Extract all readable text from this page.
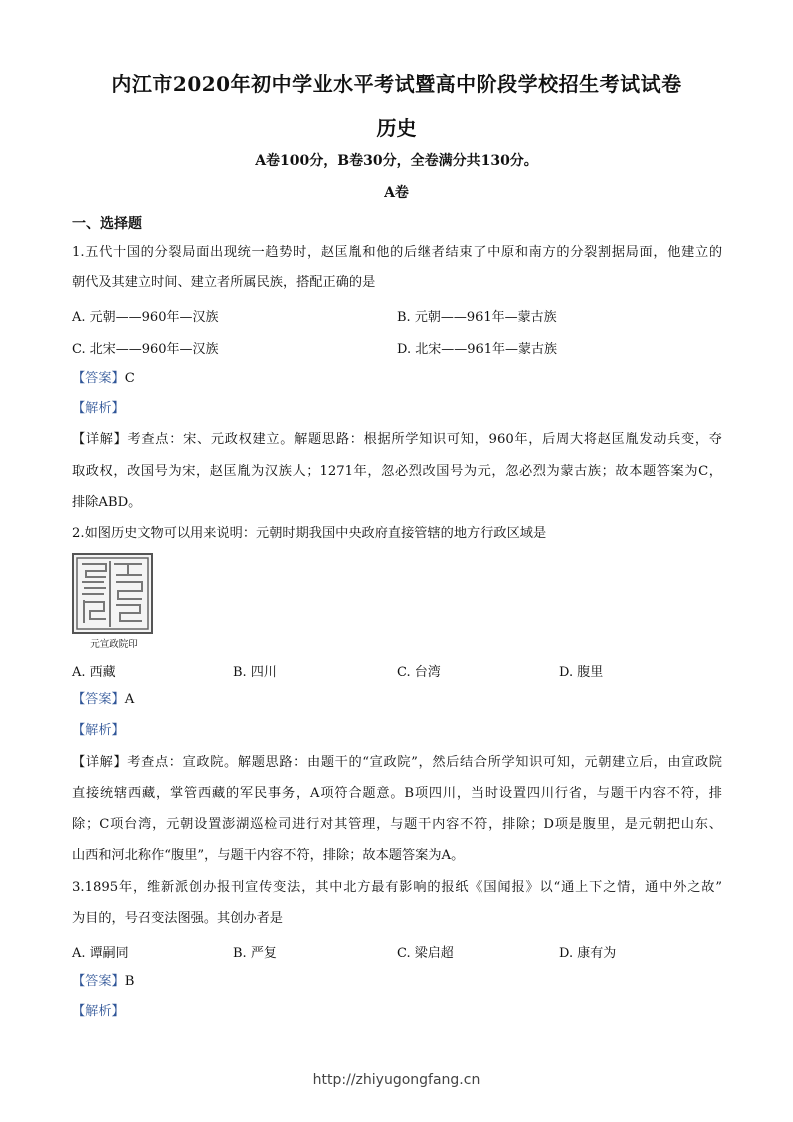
内江市2020年初中学业水平考试暨高中阶段学校招生考试试卷
历史
A卷100分，B卷30分，全卷满分共130分。
A卷
一、选择题
1.五代十国的分裂局面出现统一趋势时，赵匡胤和他的后继者结束了中原和南方的分裂割据局面，他建立的
朝代及其建立时间、建立者所属民族，搭配正确的是
A. 元朝——960年—汉族	B. 元朝——961年—蒙古族
C. 北宋——960年—汉族	D. 北宋——961年—蒙古族
【答案】C
【解析】
【详解】考查点：宋、元政权建立。解题思路：根据所学知识可知，960年，后周大将赵匡胤发动兵变，夺
取政权，改国号为宋，赵匡胤为汉族人；1271年，忽必烈改国号为元，忽必烈为蒙古族；故本题答案为C，
排除ABD。
2.如图历史文物可以用来说明：元朝时期我国中央政府直接管辖的地方行政区域是
元宣政院印
A. 西藏	B. 四川	C. 台湾	D. 腹里
【答案】A
【解析】
【详解】考查点：宣政院。解题思路：由题干的“宣政院”，然后结合所学知识可知，元朝建立后，由宣政院
直接统辖西藏，掌管西藏的军民事务，A项符合题意。B项四川，当时设置四川行省，与题干内容不符，排
除；C项台湾，元朝设置澎湖巡检司进行对其管理，与题干内容不符，排除；D项是腹里，是元朝把山东、
山西和河北称作“腹里”，与题干内容不符，排除；故本题答案为A。
3.1895年，维新派创办报刊宣传变法，其中北方最有影响的报纸《国闻报》以“通上下之情，通中外之故”
为目的，号召变法图强。其创办者是
A. 谭嗣同	B. 严复	C. 梁启超	D. 康有为
【答案】B
【解析】
http://zhiyugongfang.cn
